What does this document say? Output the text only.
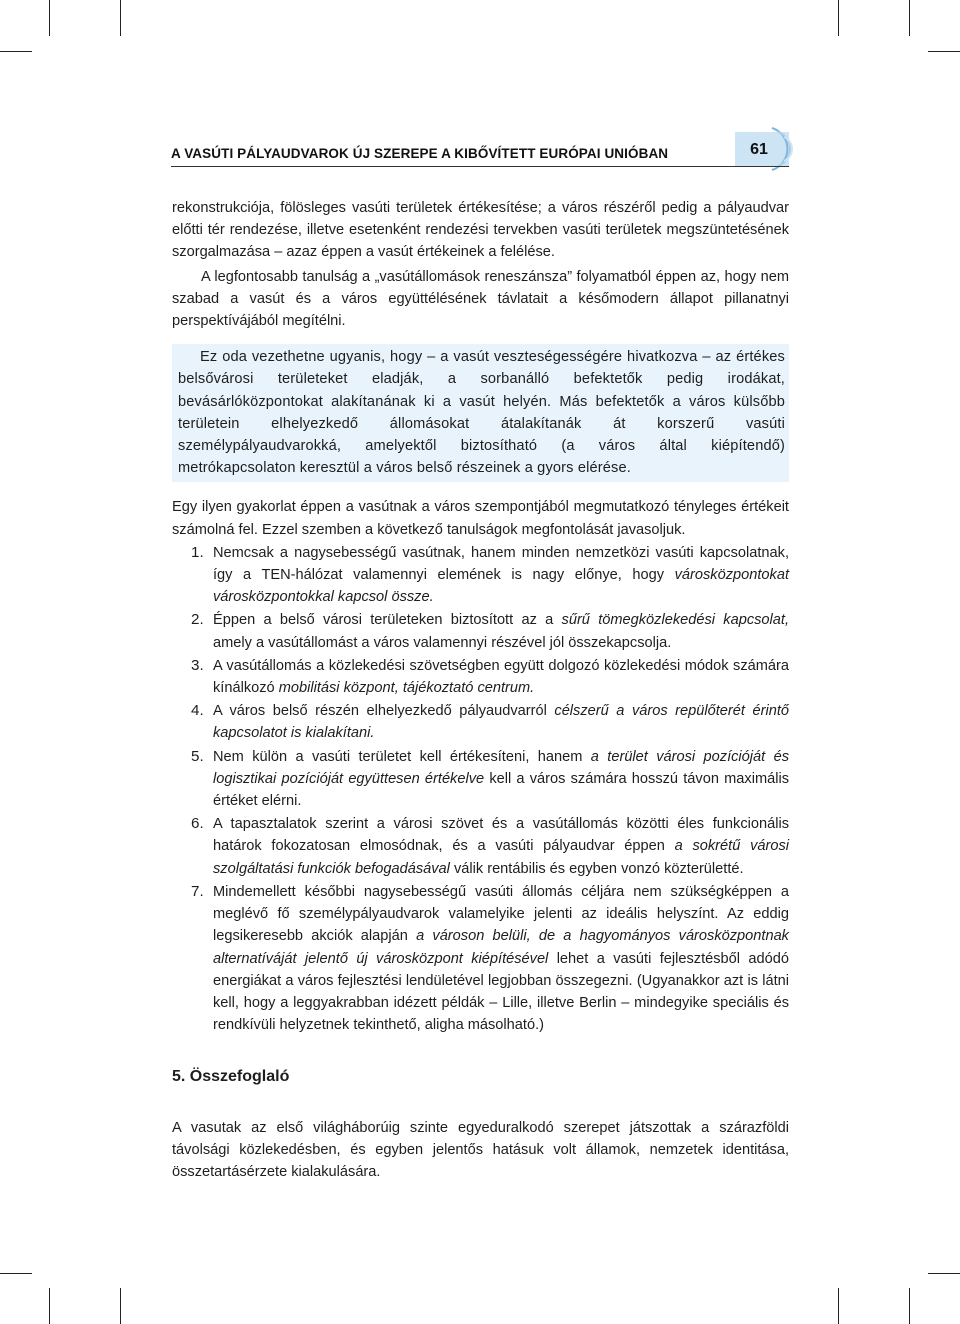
A VASÚTI PÁLYAUDVAROK ÚJ SZEREPE A KIBŐVÍTETT EURÓPAI UNIÓBAN	61

rekonstrukciója, fölösleges vasúti területek értékesítése; a város részéről pedig a pályaudvar előtti tér rendezése, illetve esetenként rendezési tervekben vasúti területek megszüntetésének szorgalmazása – azaz éppen a vasút értékeinek a felélése.

A legfontosabb tanulság a „vasútállomások reneszánsza” folyamatból éppen az, hogy nem szabad a vasút és a város együttélésének távlatait a későmodern állapot pillanatnyi perspektívájából megítélni.

Ez oda vezethetne ugyanis, hogy – a vasút veszteségességére hivatkozva – az értékes belsővárosi területeket eladják, a sorbanálló befektetők pedig irodákat, bevásárlóközpontokat alakítanának ki a vasút helyén. Más befektetők a város külsőbb területein elhelyezkedő állomásokat átalakítanák át korszerű vasúti személypályaudvarokká, amelyektől biztosítható (a város által kiépítendő) metrókapcsolaton keresztül a város belső részeinek a gyors elérése.

Egy ilyen gyakorlat éppen a vasútnak a város szempontjából megmutatkozó tényleges értékeit számolná fel. Ezzel szemben a következő tanulságok megfontolását javasoljuk.

1. Nemcsak a nagysebességű vasútnak, hanem minden nemzetközi vasúti kapcsolatnak, így a TEN-hálózat valamennyi elemének is nagy előnye, hogy városközpontokat városközpontokkal kapcsol össze.
2. Éppen a belső városi területeken biztosított az a sűrű tömegközlekedési kapcsolat, amely a vasútállomást a város valamennyi részével jól összekapcsolja.
3. A vasútállomás a közlekedési szövetségben együtt dolgozó közlekedési módok számára kínálkozó mobilitási központ, tájékoztató centrum.
4. A város belső részén elhelyezkedő pályaudvarról célszerű a város repülőterét érintő kapcsolatot is kialakítani.
5. Nem külön a vasúti területet kell értékesíteni, hanem a terület városi pozícióját és logisztikai pozícióját együttesen értékelve kell a város számára hosszú távon maximális értéket elérni.
6. A tapasztalatok szerint a városi szövet és a vasútállomás közötti éles funkcionális határok fokozatosan elmosódnak, és a vasúti pályaudvar éppen a sokrétű városi szolgáltatási funkciók befogadásával válik rentábilis és egyben vonzó közterületté.
7. Mindemellett későbbi nagysebességű vasúti állomás céljára nem szükségképpen a meglévő fő személypályaudvarok valamelyike jelenti az ideális helyszínt. Az eddig legsikeresebb akciók alapján a városon belüli, de a hagyományos városközpontnak alternatíváját jelentő új városközpont kiépítésével lehet a vasúti fejlesztésből adódó energiákat a város fejlesztési lendületével legjobban összegezni. (Ugyanakkor azt is látni kell, hogy a leggyakrabban idézett példák – Lille, illetve Berlin – mindegyike speciális és rendkívüli helyzetnek tekinthető, aligha másolható.)

5. Összefoglaló

A vasutak az első világháborúig szinte egyeduralkodó szerepet játszottak a szárazföldi távolsági közlekedésben, és egyben jelentős hatásuk volt államok, nemzetek identitása, összetartásérzete kialakulására.
